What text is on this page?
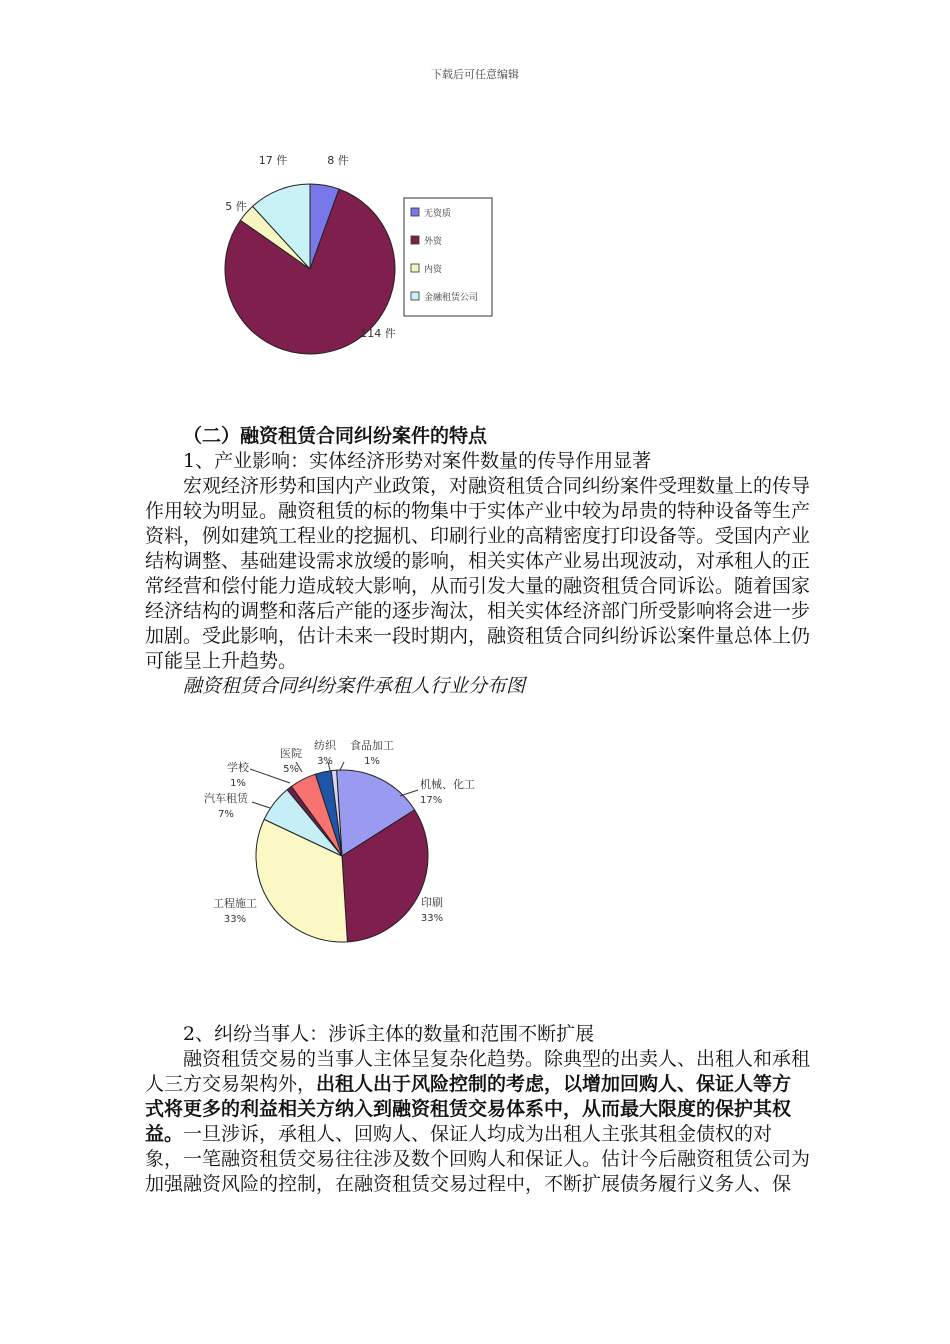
下载后可任意编辑
8 件
114 件
5 件
17 件
无资质
外资
内资
金融租赁公司
机械、化工
17%
印刷
33%
工程施工
33%
汽车租赁
7%
学校
1%
医院
5%
纺织
3%
食品加工
1%

（二）融资租赁合同纠纷案件的特点

1、产业影响：实体经济形势对案件数量的传导作用显著

宏观经济形势和国内产业政策，对融资租赁合同纠纷案件受理数量上的传导作用较为明显。融资租赁的标的物集中于实体产业中较为昂贵的特种设备等生产资料，例如建筑工程业的挖掘机、印刷行业的高精密度打印设备等。受国内产业结构调整、基础建设需求放缓的影响，相关实体产业易出现波动，对承租人的正常经营和偿付能力造成较大影响，从而引发大量的融资租赁合同诉讼。随着国家经济结构的调整和落后产能的逐步淘汰，相关实体经济部门所受影响将会进一步加剧。受此影响，估计未来一段时期内，融资租赁合同纠纷诉讼案件量总体上仍可能呈上升趋势。

融资租赁合同纠纷案件承租人行业分布图

2、纠纷当事人：涉诉主体的数量和范围不断扩展

融资租赁交易的当事人主体呈复杂化趋势。除典型的出卖人、出租人和承租人三方交易架构外，出租人出于风险控制的考虑，以增加回购人、保证人等方式将更多的利益相关方纳入到融资租赁交易体系中，从而最大限度的保护其权益。一旦涉诉，承租人、回购人、保证人均成为出租人主张其租金债权的对象，一笔融资租赁交易往往涉及数个回购人和保证人。估计今后融资租赁公司为加强融资风险的控制，在融资租赁交易过程中，不断扩展债务履行义务人、保
